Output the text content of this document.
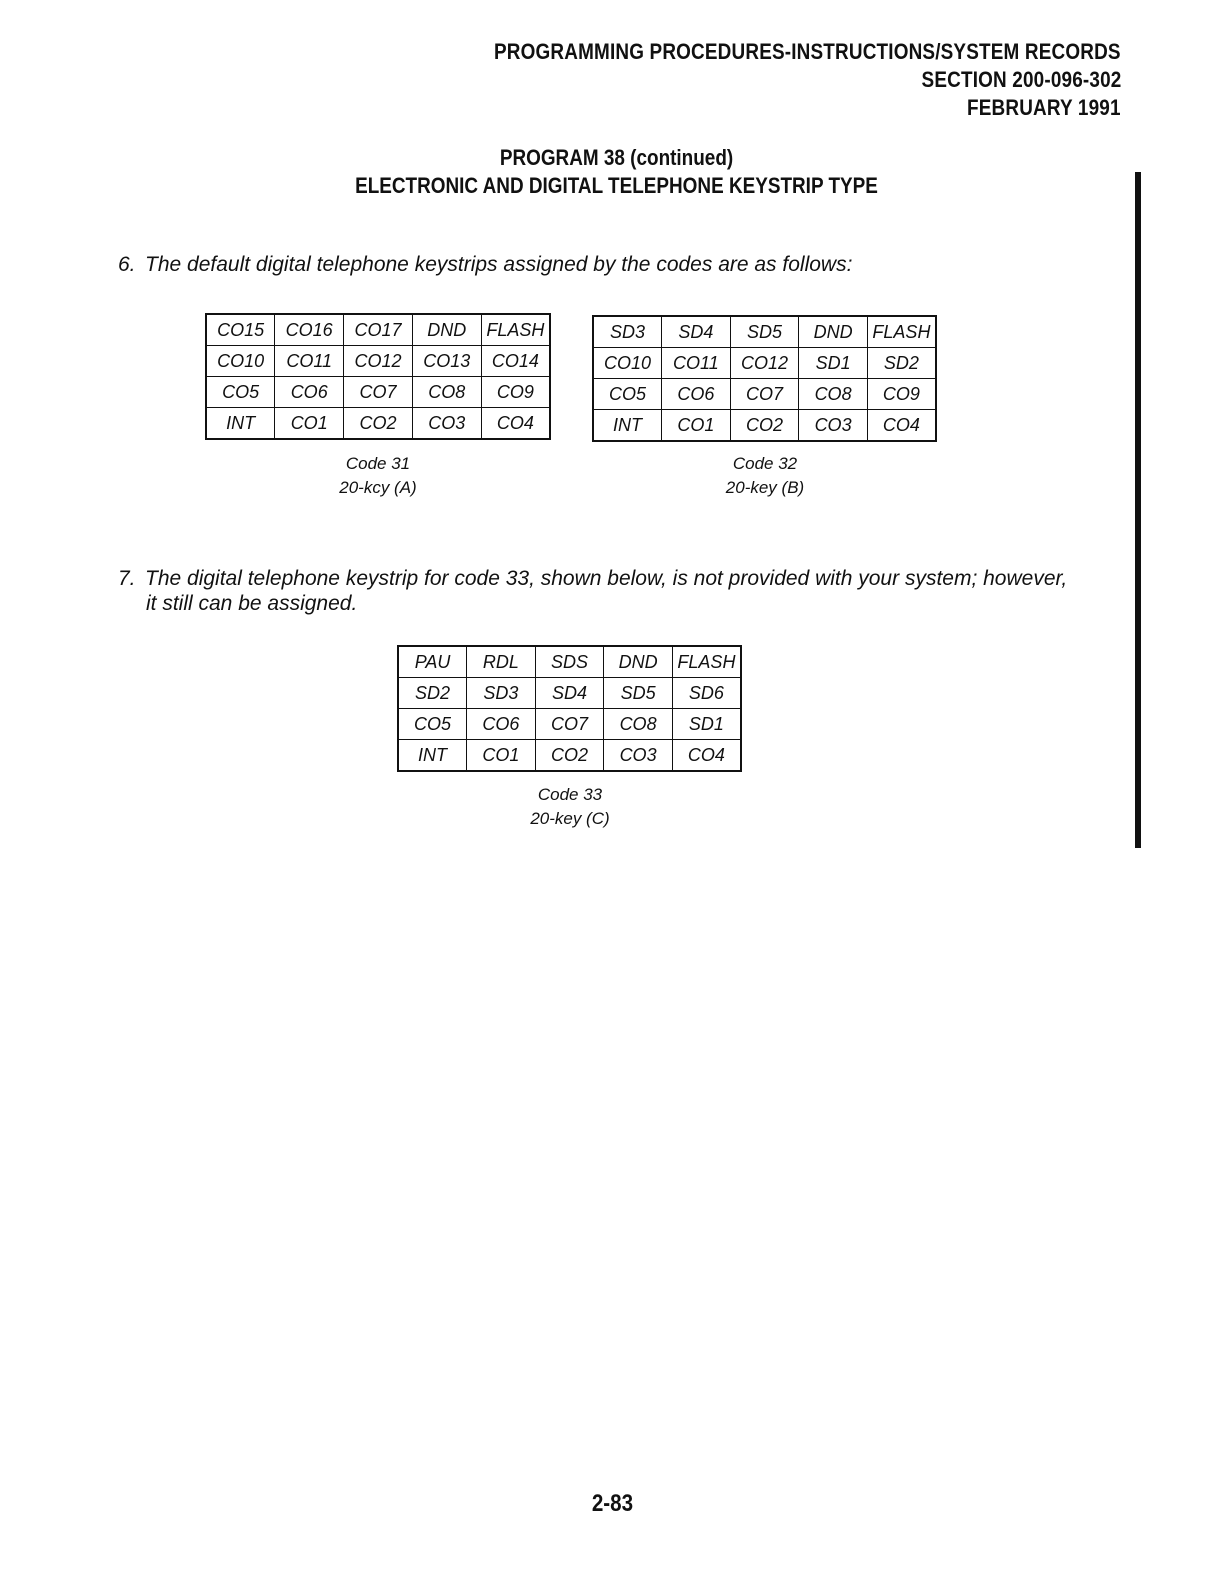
PROGRAMMING PROCEDURES-INSTRUCTIONS/SYSTEM RECORDS
SECTION 200-096-302
FEBRUARY 1991
PROGRAM 38 (continued)
ELECTRONIC AND DIGITAL TELEPHONE KEYSTRIP TYPE
6. The default digital telephone keystrips assigned by the codes are as follows:
CO15	CO16	CO17	DND	FLASH
CO10	CO11	CO12	CO13	CO14
CO5	CO6	CO7	CO8	CO9
INT	CO1	CO2	CO3	CO4
Code 31
20-kcy (A)
SD3	SD4	SD5	DND	FLASH
CO10	CO11	CO12	SD1	SD2
CO5	CO6	CO7	CO8	CO9
INT	CO1	CO2	CO3	CO4
Code 32
20-key (B)
7. The digital telephone keystrip for code 33, shown below, is not provided with your system; however,
it still can be assigned.
PAU	RDL	SDS	DND	FLASH
SD2	SD3	SD4	SD5	SD6
CO5	CO6	CO7	CO8	SD1
INT	CO1	CO2	CO3	CO4
Code 33
20-key (C)
2-83
